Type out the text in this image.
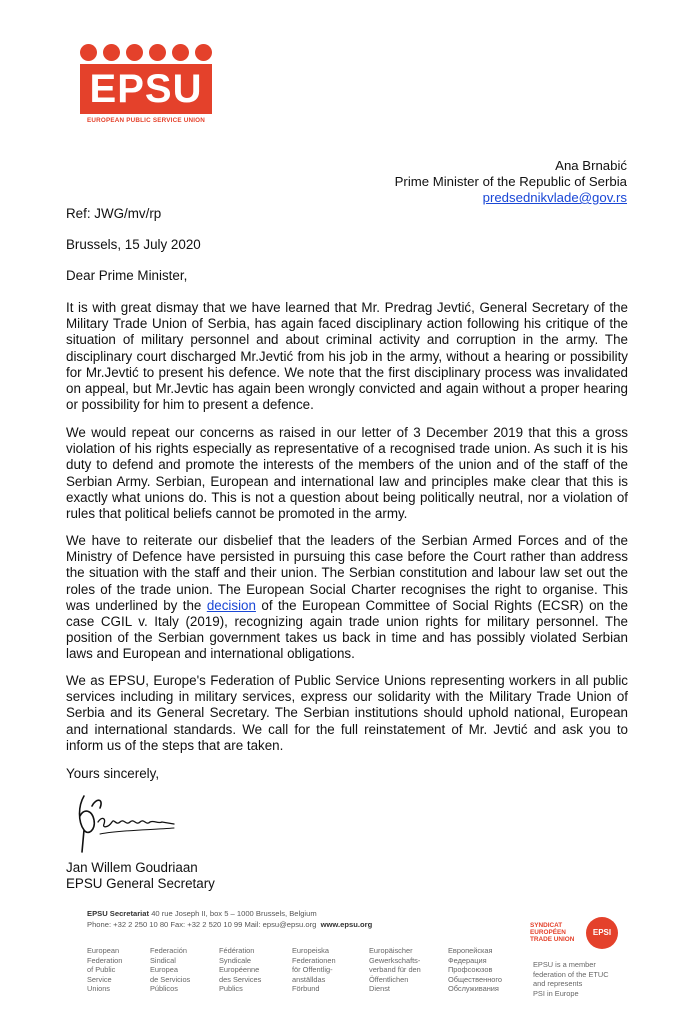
EPSU
EUROPEAN PUBLIC SERVICE UNION
Ana Brnabić
Prime Minister of the Republic of Serbia
predsednikvlade@gov.rs
Ref: JWG/mv/rp
Brussels, 15 July 2020
Dear Prime Minister,
It is with great dismay that we have learned that Mr. Predrag Jevtić, General Secretary of the Military Trade Union of Serbia, has again faced disciplinary action following his critique of the situation of military personnel and about criminal activity and corruption in the army. The disciplinary court discharged Mr.Jevtić from his job in the army, without a hearing or possibility for Mr.Jevtić to present his defence. We note that the first disciplinary process was invalidated on appeal, but Mr.Jevtic has again been wrongly convicted and again without a proper hearing or possibility for him to present a defence.
We would repeat our concerns as raised in our letter of 3 December 2019 that this a gross violation of his rights especially as representative of a recognised trade union. As such it is his duty to defend and promote the interests of the members of the union and of the staff of the Serbian Army. Serbian, European and international law and principles make clear that this is exactly what unions do. This is not a question about being politically neutral, nor a violation of rules that political beliefs cannot be promoted in the army.
We have to reiterate our disbelief that the leaders of the Serbian Armed Forces and of the Ministry of Defence have persisted in pursuing this case before the Court rather than address the situation with the staff and their union. The Serbian constitution and labour law set out the roles of the trade union. The European Social Charter recognises the right to organise. This was underlined by the decision of the European Committee of Social Rights (ECSR) on the case CGIL v. Italy (2019), recognizing again trade union rights for military personnel. The position of the Serbian government takes us back in time and has possibly violated Serbian laws and European and international obligations.
We as EPSU, Europe's Federation of Public Service Unions representing workers in all public services including in military services, express our solidarity with the Military Trade Union of Serbia and its General Secretary. The Serbian institutions should uphold national, European and international standards. We call for the full reinstatement of Mr. Jevtić and ask you to inform us of the steps that are taken.
Yours sincerely,
Jan Willem Goudriaan
EPSU General Secretary
EPSU Secretariat 40 rue Joseph II, box 5 – 1000 Brussels, Belgium
Phone: +32 2 250 10 80 Fax: +32 2 520 10 99 Mail: epsu@epsu.org www.epsu.org
European
Federation
of Public
Service
Unions
Federación
Sindical
Europea
de Servicios
Públicos
Fédération
Syndicale
Européenne
des Services
Publics
Europeiska
Federationen
för Offentlig-
anställdas
Förbund
Europäischer
Gewerkschafts-
verband für den
Öffentlichen
Dienst
Европейская
Федерация
Профсоюзов
Общественного
Обслуживания
SYNDICAT
EUROPÉEN
TRADE UNION
EPSI
EPSU is a member
federation of the ETUC
and represents
PSI in Europe
